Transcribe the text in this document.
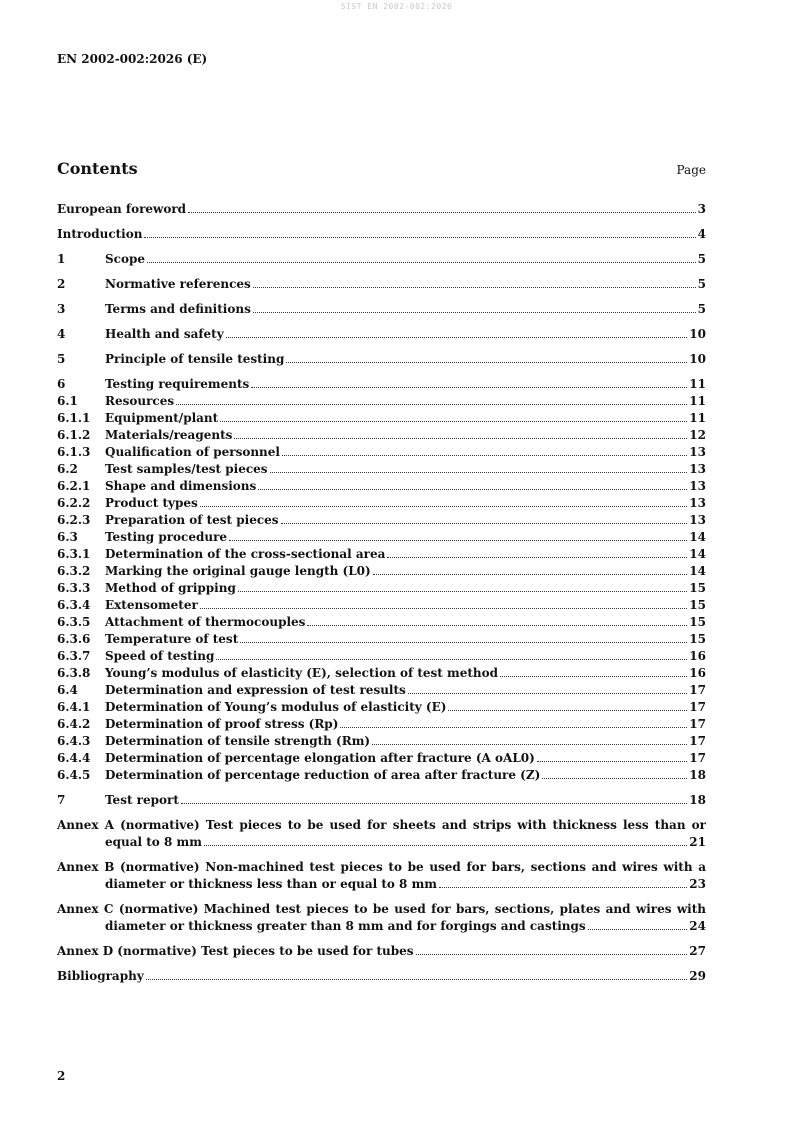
SIST EN 2002-002:2026
EN 2002-002:2026 (E)
Contents	Page
European foreword	3
Introduction	4
1	Scope	5
2	Normative references	5
3	Terms and definitions	5
4	Health and safety	10
5	Principle of tensile testing	10
6	Testing requirements	11
6.1	Resources	11
6.1.1	Equipment/plant	11
6.1.2	Materials/reagents	12
6.1.3	Qualification of personnel	13
6.2	Test samples/test pieces	13
6.2.1	Shape and dimensions	13
6.2.2	Product types	13
6.2.3	Preparation of test pieces	13
6.3	Testing procedure	14
6.3.1	Determination of the cross-sectional area	14
6.3.2	Marking the original gauge length (L0)	14
6.3.3	Method of gripping	15
6.3.4	Extensometer	15
6.3.5	Attachment of thermocouples	15
6.3.6	Temperature of test	15
6.3.7	Speed of testing	16
6.3.8	Young’s modulus of elasticity (E), selection of test method	16
6.4	Determination and expression of test results	17
6.4.1	Determination of Young’s modulus of elasticity (E)	17
6.4.2	Determination of proof stress (Rp)	17
6.4.3	Determination of tensile strength (Rm)	17
6.4.4	Determination of percentage elongation after fracture (A oAL0)	17
6.4.5	Determination of percentage reduction of area after fracture (Z)	18
7	Test report	18
Annex A (normative) Test pieces to be used for sheets and strips with thickness less than or
equal to 8 mm	21
Annex B (normative) Non-machined test pieces to be used for bars, sections and wires with a
diameter or thickness less than or equal to 8 mm	23
Annex C (normative) Machined test pieces to be used for bars, sections, plates and wires with
diameter or thickness greater than 8 mm and for forgings and castings	24
Annex D (normative) Test pieces to be used for tubes	27
Bibliography	29
2
